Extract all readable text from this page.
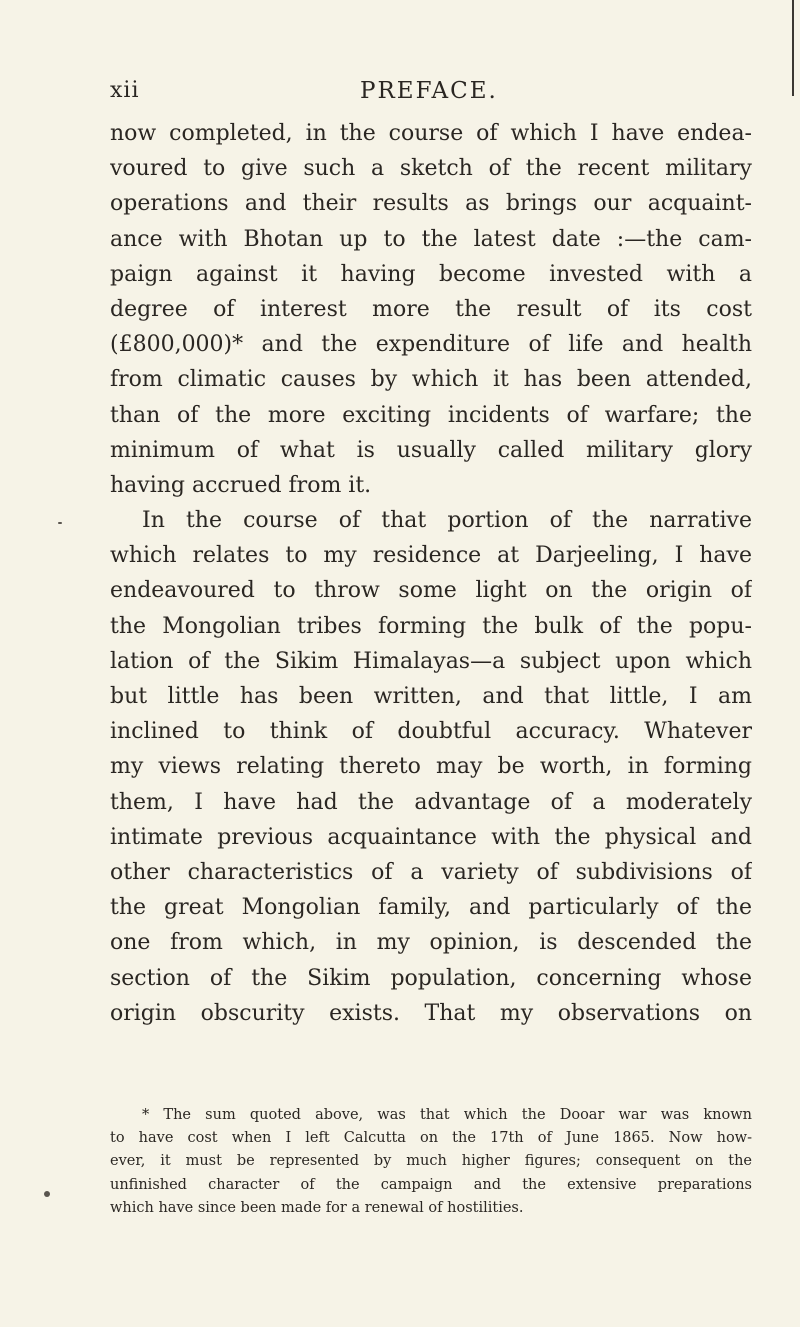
xii	PREFACE.
now completed, in the course of which I have endea-
voured to give such a sketch of the recent military
operations and their results as brings our acquaint-
ance with Bhotan up to the latest date :—the cam-
paign against it having become invested with a
degree of interest more the result of its cost
(£800,000)* and the expenditure of life and health
from climatic causes by which it has been attended,
than of the more exciting incidents of warfare; the
minimum of what is usually called military glory
having accrued from it.
In the course of that portion of the narrative
which relates to my residence at Darjeeling, I have
endeavoured to throw some light on the origin of
the Mongolian tribes forming the bulk of the popu-
lation of the Sikim Himalayas—a subject upon which
but little has been written, and that little, I am
inclined to think of doubtful accuracy. Whatever
my views relating thereto may be worth, in forming
them, I have had the advantage of a moderately
intimate previous acquaintance with the physical and
other characteristics of a variety of subdivisions of
the great Mongolian family, and particularly of the
one from which, in my opinion, is descended the
section of the Sikim population, concerning whose
origin obscurity exists. That my observations on
* The sum quoted above, was that which the Dooar war was known
to have cost when I left Calcutta on the 17th of June 1865. Now how-
ever, it must be represented by much higher figures; consequent on the
unfinished character of the campaign and the extensive preparations
which have since been made for a renewal of hostilities.
